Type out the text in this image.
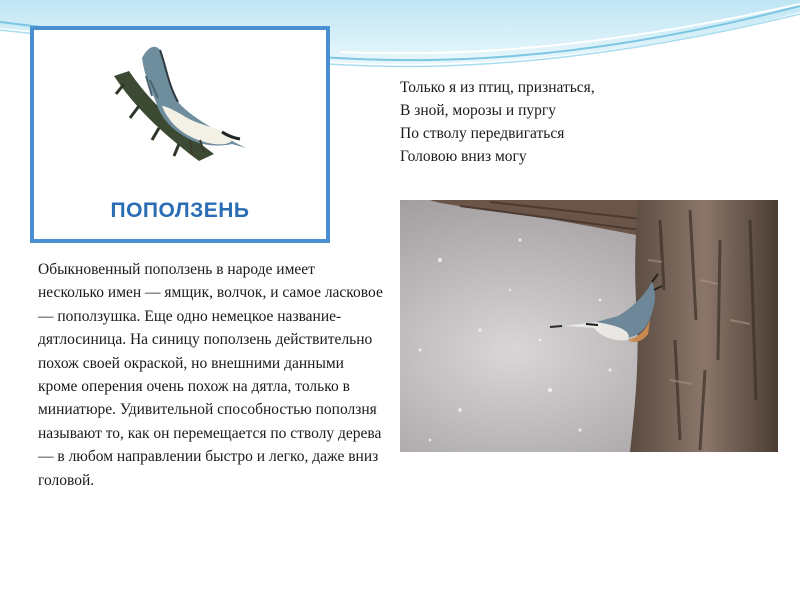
ПОПОЛЗЕНЬ
Только я из птиц, признаться,
В зной, морозы и пургу
По стволу передвигаться
Головою вниз могу
Обыкновенный поползень в народе имеет несколько имен — ямщик, волчок, и самое ласковое — поползушка. Еще одно немецкое название- дятлосиница. На синицу поползень действительно похож своей окраской, но внешними данными кроме оперения очень похож на дятла, только в миниатюре. Удивительной способностью поползня называют то, как он перемещается по стволу дерева — в любом направлении быстро и легко, даже вниз головой.
